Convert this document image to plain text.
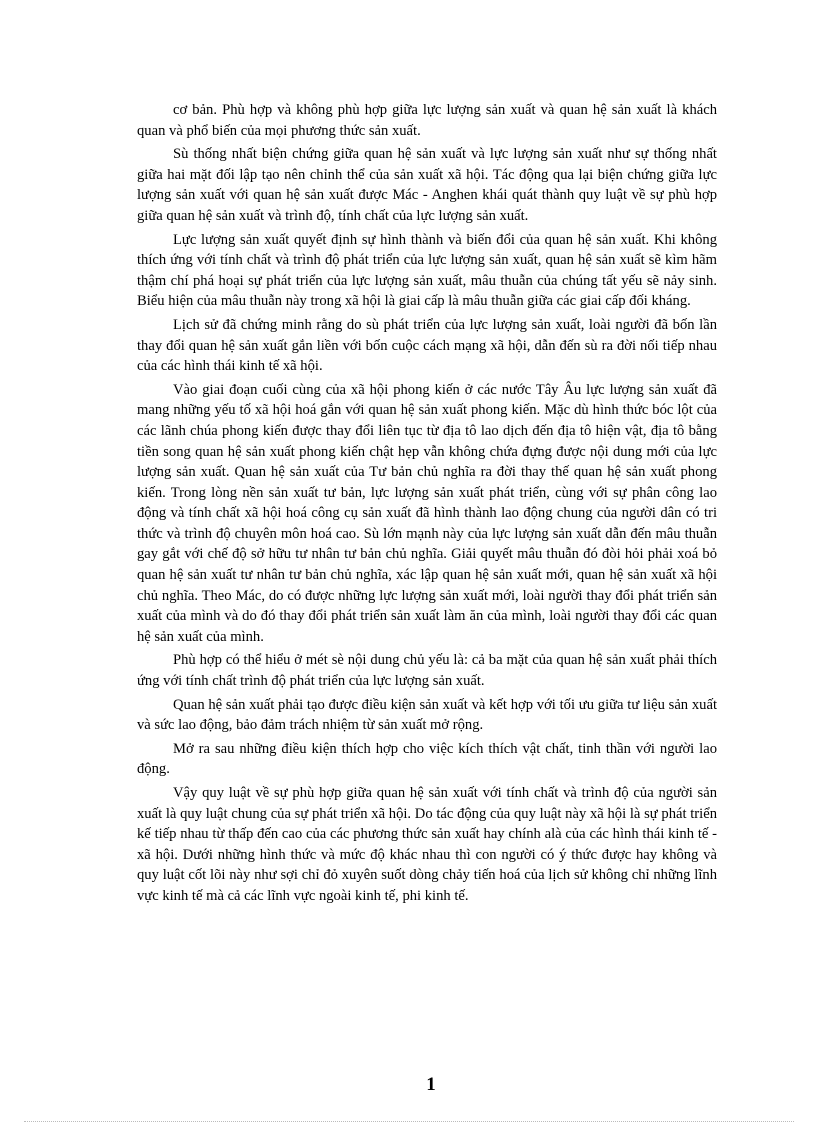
cơ bản. Phù hợp và không phù hợp giữa lực lượng sản xuất và quan hệ sản xuất là khách quan và phổ biến của mọi phương thức sản xuất.

Sù thống nhất biện chứng giữa quan hệ sản xuất và lực lượng sản xuất như sự thống nhất giữa hai mặt đối lập tạo nên chỉnh thể của sản xuất xã hội. Tác động qua lại biện chứng giữa lực lượng sản xuất với quan hệ sản xuất được Mác - Anghen khái quát thành quy luật về sự phù hợp giữa quan hệ sản xuất và trình độ, tính chất của lực lượng sản xuất.

Lực lượng sản xuất quyết định sự hình thành và biến đổi của quan hệ sản xuất. Khi không thích ứng với tính chất và trình độ phát triển của lực lượng sản xuất, quan hệ sản xuất sẽ kìm hãm thậm chí phá hoại sự phát triển của lực lượng sản xuất, mâu thuẫn của chúng tất yếu sẽ nảy sinh. Biểu hiện của mâu thuẫn này trong xã hội là giai cấp là mâu thuẫn giữa các giai cấp đối kháng.

Lịch sử đã chứng minh rằng do sù phát triển của lực lượng sản xuất, loài người đã bốn lần thay đổi quan hệ sản xuất gắn liền với bốn cuộc cách mạng xã hội, dẫn đến sù ra đời nối tiếp nhau của các hình thái kinh tế xã hội.

Vào giai đoạn cuối cùng của xã hội phong kiến ở các nước Tây Âu lực lượng sản xuất đã mang những yếu tố xã hội hoá gắn với quan hệ sản xuất phong kiến. Mặc dù hình thức bóc lột của các lãnh chúa phong kiến được thay đổi liên tục từ địa tô lao dịch đến địa tô hiện vật, địa tô bằng tiền song quan hệ sản xuất phong kiến chật hẹp vẫn không chứa đựng được nội dung mới của lực lượng sản xuất. Quan hệ sản xuất của Tư bản chủ nghĩa ra đời thay thế quan hệ sản xuất phong kiến. Trong lòng nền sản xuất tư bản, lực lượng sản xuất phát triển, cùng với sự phân công lao động và tính chất xã hội hoá công cụ sản xuất đã hình thành lao động chung của người dân có tri thức và trình độ chuyên môn hoá cao. Sù lớn mạnh này của lực lượng sản xuất dẫn đến mâu thuẫn gay gắt với chế độ sở hữu tư nhân tư bản chủ nghĩa. Giải quyết mâu thuẫn đó đòi hỏi phải xoá bỏ quan hệ sản xuất tư nhân tư bản chủ nghĩa, xác lập quan hệ sản xuất mới, quan hệ sản xuất xã hội chủ nghĩa. Theo Mác, do có được những lực lượng sản xuất mới, loài người thay đổi phát triển sản xuất của mình và do đó thay đổi phát triển sản xuất làm ăn của mình, loài người thay đổi các quan hệ sản xuất của mình.

Phù hợp có thể hiểu ở mét sè nội dung chủ yếu là: cả ba mặt của quan hệ sản xuất phải thích ứng với tính chất trình độ phát triển của lực lượng sản xuất.

Quan hệ sản xuất phải tạo được điều kiện sản xuất và kết hợp với tối ưu giữa tư liệu sản xuất và sức lao động, bảo đảm trách nhiệm từ sản xuất mở rộng.

Mở ra sau những điều kiện thích hợp cho việc kích thích vật chất, tinh thần với người lao động.

Vậy quy luật về sự phù hợp giữa quan hệ sản xuất với tính chất và trình độ của người sản xuất là quy luật chung của sự phát triển xã hội. Do tác động của quy luật này xã hội là sự phát triển kế tiếp nhau từ thấp đến cao của các phương thức sản xuất hay chính alà của các hình thái kinh tế - xã hội. Dưới những hình thức và mức độ khác nhau thì con người có ý thức được hay không và quy luật cốt lõi này như sợi chỉ đỏ xuyên suốt dòng chảy tiến hoá của lịch sử không chỉ những lĩnh vực kinh tế mà cả các lĩnh vực ngoài kinh tế, phi kinh tế.

1
